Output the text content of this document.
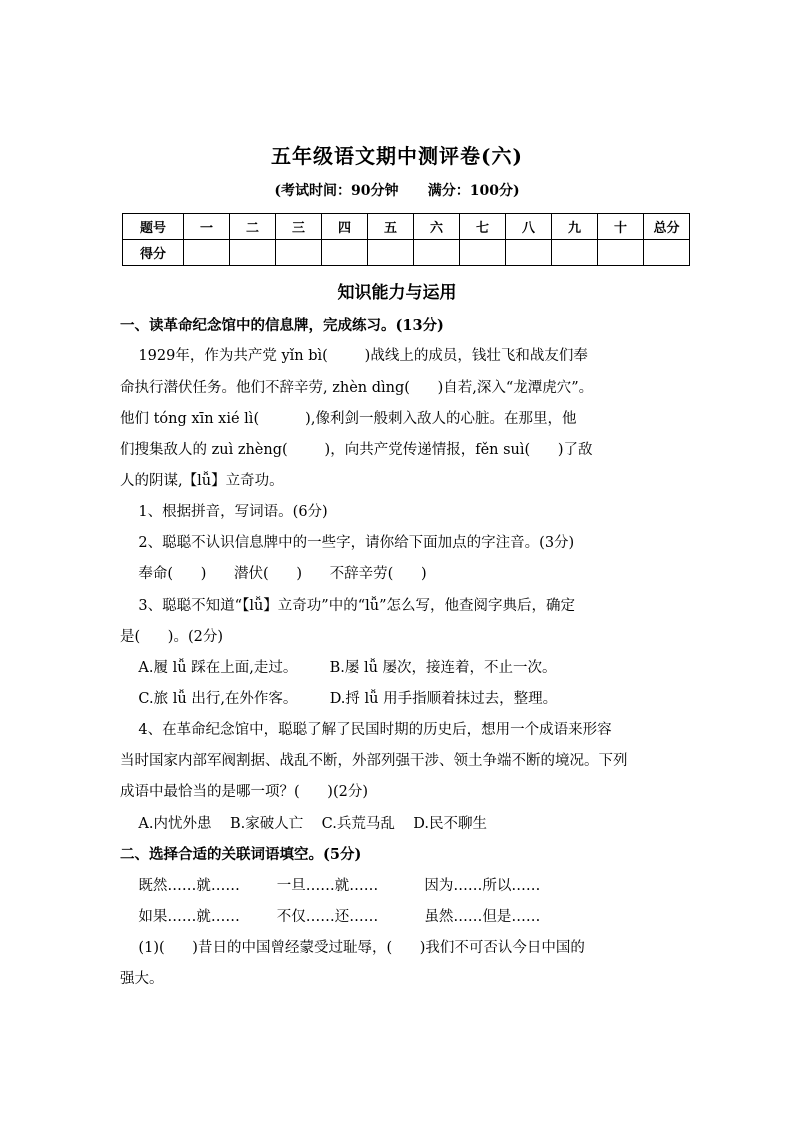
五年级语文期中测评卷(六)
(考试时间：90分钟      满分：100分)
题号	一	二	三	四	五	六	七	八	九	十	总分
得分											
知识能力与运用
一、读革命纪念馆中的信息牌，完成练习。(13分)
1929年，作为共产党 yǐn bì(        )战线上的成员，钱壮飞和战友们奉
命执行潜伏任务。他们不辞辛劳, zhèn dìng(      )自若,深入“龙潭虎穴”。
他们 tóng xīn xié lì(          ),像利剑一般刺入敌人的心脏。在那里，他
们搜集敌人的 zuì zhèng(        )，向共产党传递情报，fěn suì(      )了敌
人的阴谋,【lǚ】立奇功。
1、根据拼音，写词语。(6分)
2、聪聪不认识信息牌中的一些字，请你给下面加点的字注音。(3分)
奉命(      )      潜伏(      )      不辞辛劳(      )
3、聪聪不知道“【lǚ】立奇功”中的“lǚ”怎么写，他查阅字典后，确定
是(      )。(2分)
A.履 lǚ 踩在上面,走过。       B.屡 lǚ 屡次，接连着，不止一次。
C.旅 lǚ 出行,在外作客。       D.捋 lǚ 用手指顺着抹过去，整理。
4、在革命纪念馆中，聪聪了解了民国时期的历史后，想用一个成语来形容
当时国家内部军阀割据、战乱不断，外部列强干涉、领土争端不断的境况。下列
成语中最恰当的是哪一项？(      )(2分)
A.内忧外患    B.家破人亡    C.兵荒马乱    D.民不聊生
二、选择合适的关联词语填空。(5分)
既然……就……        一旦……就……          因为……所以……
如果……就……        不仅……还……          虽然……但是……
(1)(      )昔日的中国曾经蒙受过耻辱，(      )我们不可否认今日中国的
强大。
